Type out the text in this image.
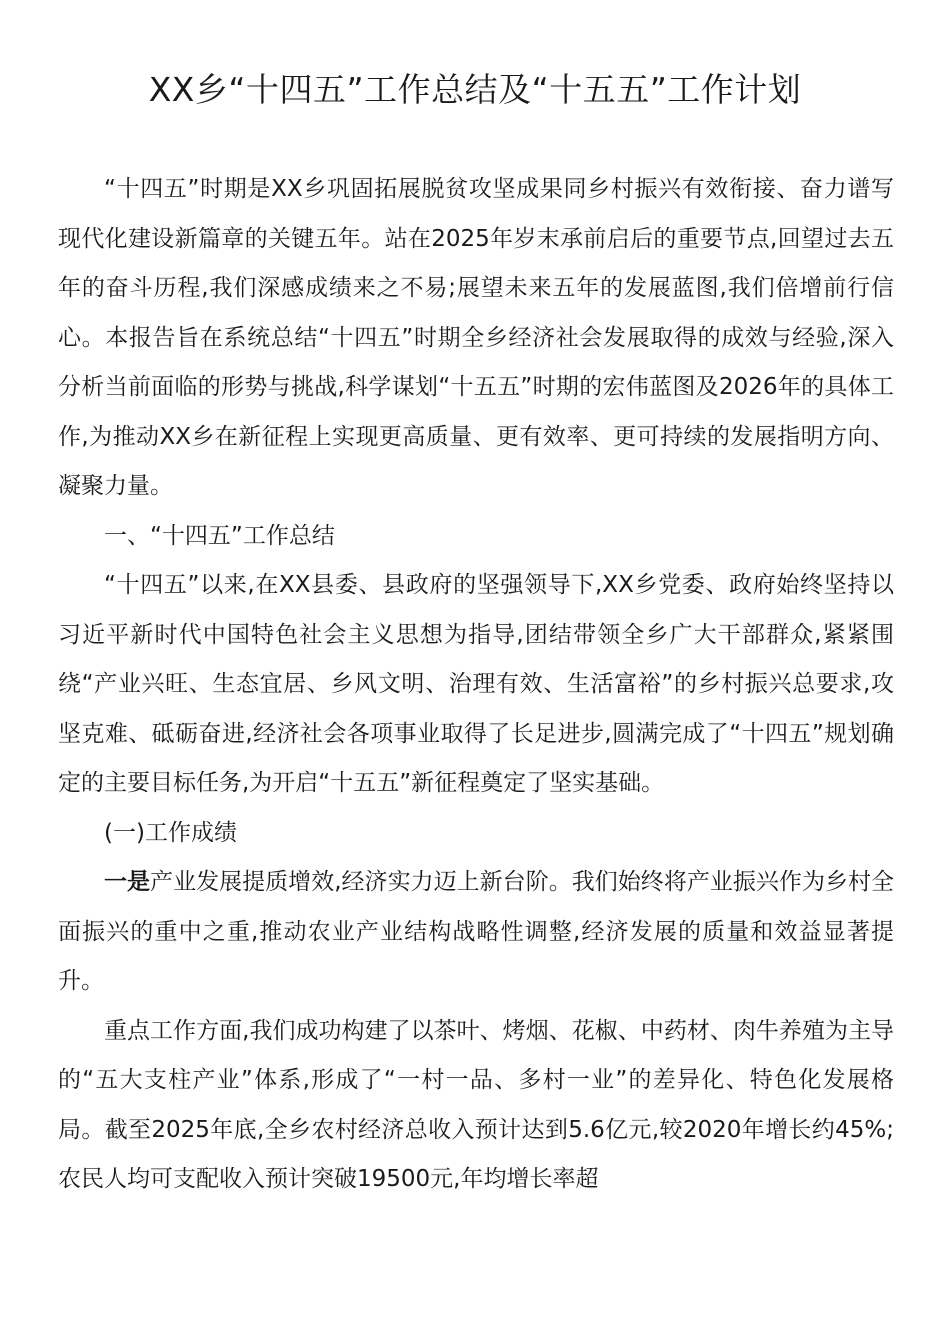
XX乡“十四五”工作总结及“十五五”工作计划

“十四五”时期是XX乡巩固拓展脱贫攻坚成果同乡村振兴有效衔接、奋力谱写现代化建设新篇章的关键五年。站在2025年岁末承前启后的重要节点,回望过去五年的奋斗历程,我们深感成绩来之不易;展望未来五年的发展蓝图,我们倍增前行信心。本报告旨在系统总结“十四五”时期全乡经济社会发展取得的成效与经验,深入分析当前面临的形势与挑战,科学谋划“十五五”时期的宏伟蓝图及2026年的具体工作,为推动XX乡在新征程上实现更高质量、更有效率、更可持续的发展指明方向、凝聚力量。

一、“十四五”工作总结

“十四五”以来,在XX县委、县政府的坚强领导下,XX乡党委、政府始终坚持以习近平新时代中国特色社会主义思想为指导,团结带领全乡广大干部群众,紧紧围绕“产业兴旺、生态宜居、乡风文明、治理有效、生活富裕”的乡村振兴总要求,攻坚克难、砥砺奋进,经济社会各项事业取得了长足进步,圆满完成了“十四五”规划确定的主要目标任务,为开启“十五五”新征程奠定了坚实基础。

(一)工作成绩

一是产业发展提质增效,经济实力迈上新台阶。我们始终将产业振兴作为乡村全面振兴的重中之重,推动农业产业结构战略性调整,经济发展的质量和效益显著提升。

重点工作方面,我们成功构建了以茶叶、烤烟、花椒、中药材、肉牛养殖为主导的“五大支柱产业”体系,形成了“一村一品、多村一业”的差异化、特色化发展格局。截至2025年底,全乡农村经济总收入预计达到5.6亿元,较2020年增长约45%;农民人均可支配收入预计突破19500元,年均增长率超
